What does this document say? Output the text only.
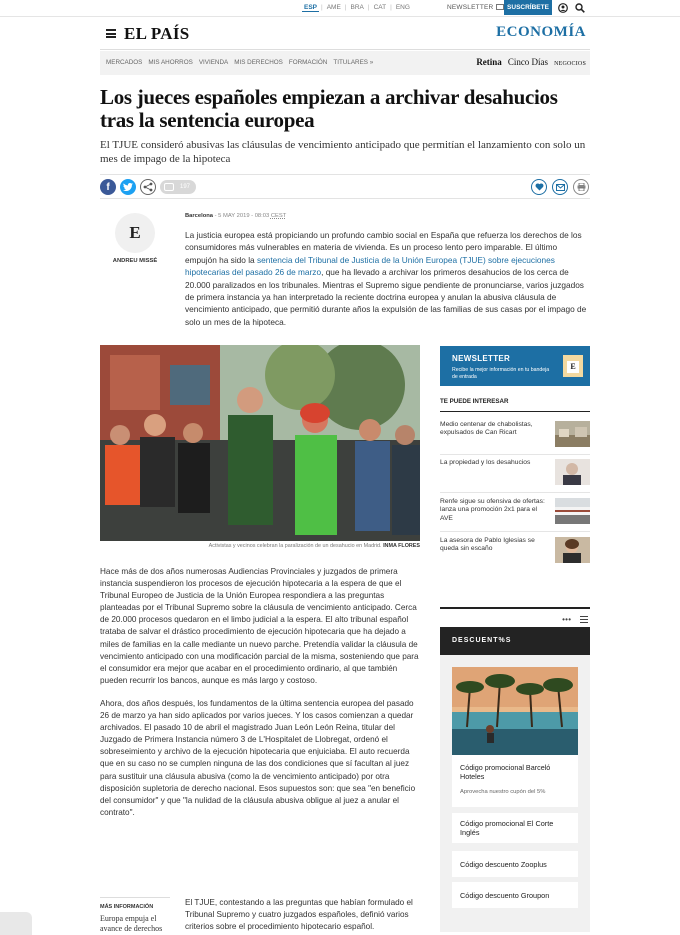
ESP | AME | BRA | CAT | ENG	NEWSLETTER	SUSCRÍBETE
EL PAÍS	ECONOMÍA
MERCADOS MIS AHORROS VIVIENDA MIS DERECHOS FORMACIÓN TITULARES »	Retina Cinco Días NEGOCIOS
Los jueces españoles empiezan a archivar desahucios tras la sentencia europea

El TJUE consideró abusivas las cláusulas de vencimiento anticipado que permitían el lanzamiento con solo un mes de impago de la hipoteca

f	197
E
ANDREU MISSÉ
Barcelona - 5 MAY 2019 - 08:03 CEST

La justicia europea está propiciando un profundo cambio social en España que refuerza los derechos de los consumidores más vulnerables en materia de vivienda. Es un proceso lento pero imparable. El último empujón ha sido la sentencia del Tribunal de Justicia de la Unión Europea (TJUE) sobre ejecuciones hipotecarias del pasado 26 de marzo, que ha llevado a archivar los primeros desahucios de los cerca de 20.000 paralizados en los tribunales. Mientras el Supremo sigue pendiente de pronunciarse, varios juzgados de primera instancia ya han interpretado la reciente doctrina europea y anulan la abusiva cláusula de vencimiento anticipado, que permitió durante años la expulsión de las familias de sus casas por el impago de solo un mes de la hipoteca.

Activistas y vecinos celebran la paralización de un desahucio en Madrid. INMA FLORES

Hace más de dos años numerosas Audiencias Provinciales y juzgados de primera instancia suspendieron los procesos de ejecución hipotecaria a la espera de que el Tribunal Europeo de Justicia de la Unión Europea respondiera a las preguntas planteadas por el Tribunal Supremo sobre la cláusula de vencimiento anticipado. Cerca de 20.000 procesos quedaron en el limbo judicial a la espera. El alto tribunal español trataba de salvar el drástico procedimiento de ejecución hipotecaria que ha dejado a miles de familias en la calle mediante un nuevo parche. Pretendía validar la cláusula de vencimiento anticipado con una modificación parcial de la misma, sosteniendo que para el consumidor era mejor que acabar en el procedimiento ordinario, al que también pueden recurrir los bancos, aunque es más largo y costoso.

Ahora, dos años después, los fundamentos de la última sentencia europea del pasado 26 de marzo ya han sido aplicados por varios jueces. Y los casos comienzan a quedar archivados. El pasado 10 de abril el magistrado Juan León León Reina, titular del Juzgado de Primera Instancia número 3 de L'Hospitalet de Llobregat, ordenó el sobreseimiento y archivo de la ejecución hipotecaria que enjuiciaba. El auto recuerda que en su caso no se cumplen ninguna de las dos condiciones que sí facultan al juez para sustituir una cláusula abusiva (como la de vencimiento anticipado) por otra disposición supletoria de derecho nacional. Esos supuestos son: que sea "en beneficio del consumidor" y que "la nulidad de la cláusula abusiva obligue al juez a anular el contrato".

MÁS INFORMACIÓN
Europa empuja el avance de derechos

El TJUE, contestando a las preguntas que habían formulado el Tribunal Supremo y cuatro juzgados españoles, definió varios criterios sobre el procedimiento hipotecario español.

NEWSLETTER
Recibe la mejor información en tu bandeja de entrada
E
TE PUEDE INTERESAR
Medio centenar de chabolistas, expulsados de Can Ricart
La propiedad y los desahucios
Renfe sigue su ofensiva de ofertas: lanza una promoción 2x1 para el AVE
La asesora de Pablo Iglesias se queda sin escaño
• • •
DESCUENT%S
Código promocional Barceló Hoteles
Aprovecha nuestro cupón del 5%
Código promocional El Corte Inglés
Código descuento Zooplus
Código descuento Groupon
